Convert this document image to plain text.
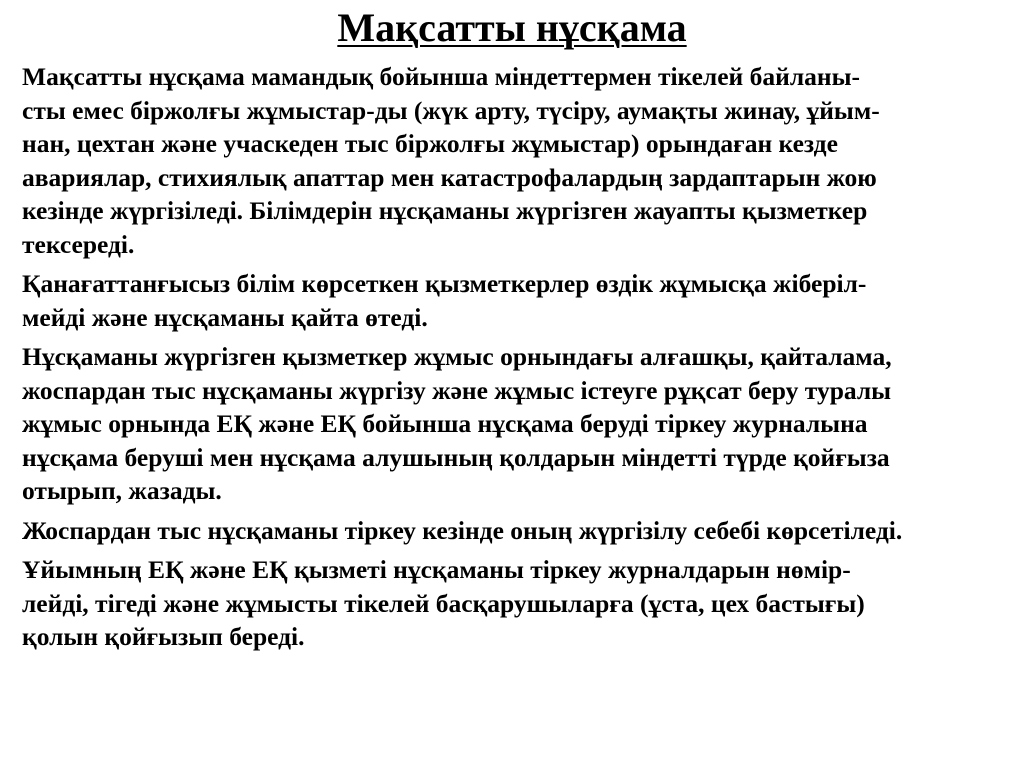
Мақсатты нұсқама

Мақсатты нұсқама мамандық бойынша міндеттермен тікелей байланы-
сты емес біржолғы жұмыстар-ды (жүк арту, түсіру, аумақты жинау, ұйым-
нан, цехтан және учаскеден тыс біржолғы жұмыстар) орындаған кезде
авариялар, стихиялық апаттар мен катастрофалардың зардаптарын жою
кезінде жүргізіледі. Білімдерін нұсқаманы жүргізген жауапты қызметкер
тексереді.

Қанағаттанғысыз білім көрсеткен қызметкерлер өздік жұмысқа жіберіл-
мейді және нұсқаманы қайта өтеді.

Нұсқаманы жүргізген қызметкер жұмыс орнындағы алғашқы, қайталама,
жоспардан тыс нұсқаманы жүргізу және жұмыс істеуге рұқсат беру туралы
жұмыс орнында ЕҚ және ЕҚ бойынша нұсқама беруді тіркеу журналына
нұсқама беруші мен нұсқама алушының қолдарын міндетті түрде қойғыза
отырып, жазады.

Жоспардан тыс нұсқаманы тіркеу кезінде оның жүргізілу себебі көрсетіледі.

Ұйымның ЕҚ және ЕҚ қызметі нұсқаманы тіркеу журналдарын нөмір-
лейді, тігеді және жұмысты тікелей басқарушыларға (ұста, цех бастығы)
қолын қойғызып береді.
